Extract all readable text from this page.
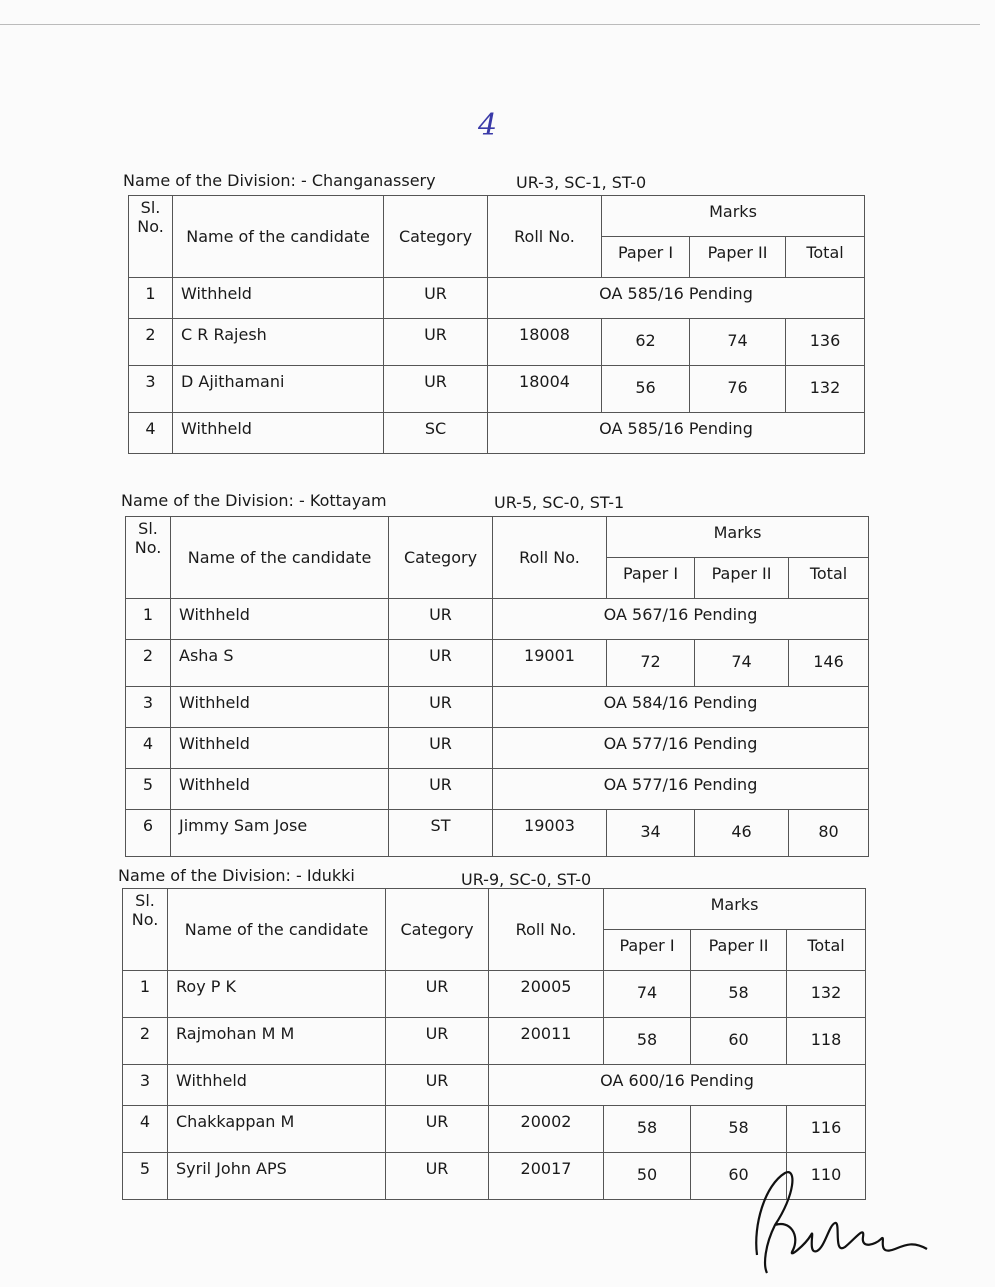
4
Name of the Division: - Changanassery	UR-3, SC-1, ST-0
Sl. No.	Name of the candidate	Category	Roll No.	Marks		
				Paper I	Paper II	Total
1	Withheld	UR	OA 585/16 Pending			
2	C R Rajesh	UR	18008	62	74	136
3	D Ajithamani	UR	18004	56	76	132
4	Withheld	SC	OA 585/16 Pending			
Name of the Division: - Kottayam	UR-5, SC-0, ST-1
Sl. No.	Name of the candidate	Category	Roll No.	Marks		
				Paper I	Paper II	Total
1	Withheld	UR	OA 567/16 Pending			
2	Asha S	UR	19001	72	74	146
3	Withheld	UR	OA 584/16 Pending			
4	Withheld	UR	OA 577/16 Pending			
5	Withheld	UR	OA 577/16 Pending			
6	Jimmy Sam Jose	ST	19003	34	46	80
Name of the Division: - Idukki	UR-9, SC-0, ST-0
Sl. No.	Name of the candidate	Category	Roll No.	Marks		
				Paper I	Paper II	Total
1	Roy P K	UR	20005	74	58	132
2	Rajmohan M M	UR	20011	58	60	118
3	Withheld	UR	OA 600/16 Pending			
4	Chakkappan M	UR	20002	58	58	116
5	Syril John APS	UR	20017	50	60	110
